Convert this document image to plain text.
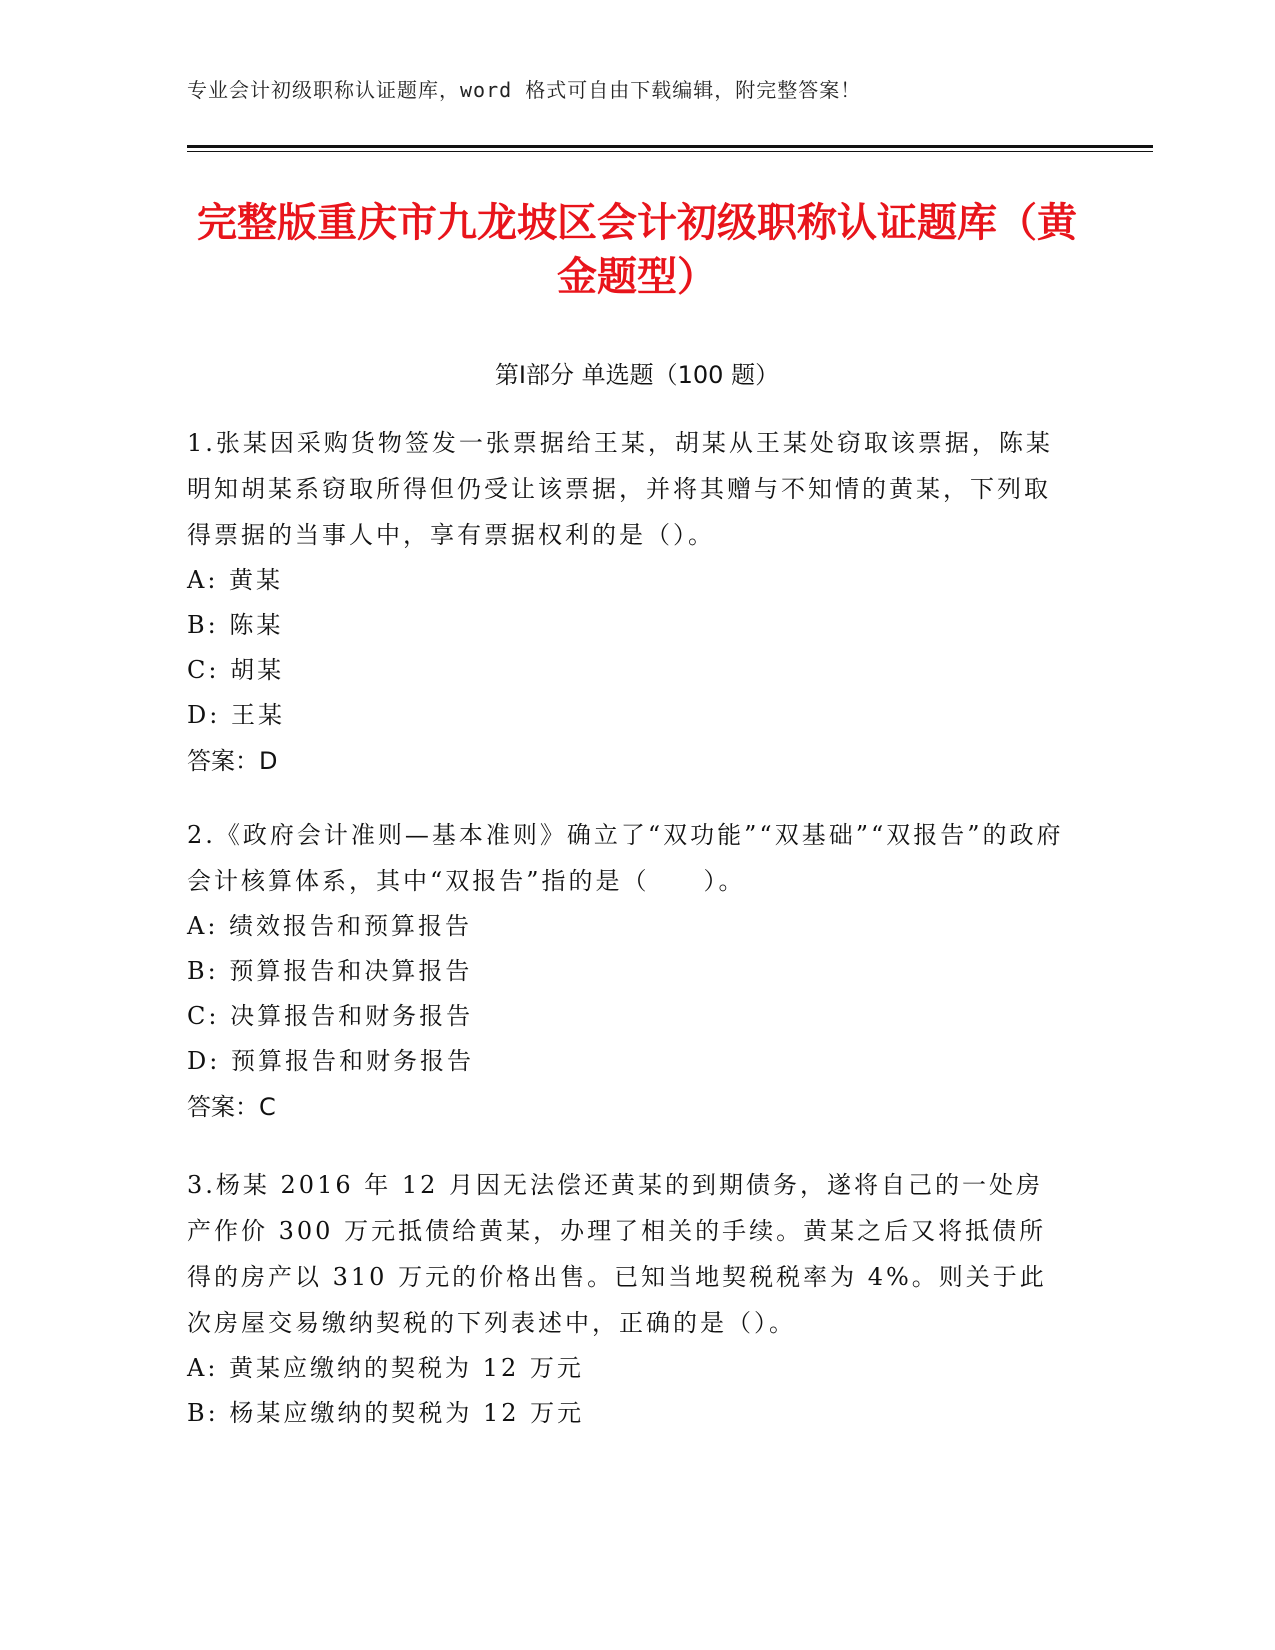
专业会计初级职称认证题库，word 格式可自由下载编辑，附完整答案！
完整版重庆市九龙坡区会计初级职称认证题库（黄金题型）
第Ⅰ部分 单选题（100 题）

1.张某因采购货物签发一张票据给王某，胡某从王某处窃取该票据，陈某明知胡某系窃取所得但仍受让该票据，并将其赠与不知情的黄某，下列取得票据的当事人中，享有票据权利的是（）。

A: 黄某

B: 陈某

C: 胡某

D: 王某

答案：D

2.《政府会计准则—基本准则》确立了“双功能”“双基础”“双报告”的政府会计核算体系，其中“双报告”指的是（　　）。

A: 绩效报告和预算报告

B: 预算报告和决算报告

C: 决算报告和财务报告

D: 预算报告和财务报告

答案：C

3.杨某 2016 年 12 月因无法偿还黄某的到期债务，遂将自己的一处房产作价 300 万元抵债给黄某，办理了相关的手续。黄某之后又将抵债所得的房产以 310 万元的价格出售。已知当地契税税率为 4%。则关于此次房屋交易缴纳契税的下列表述中，正确的是（）。

A: 黄某应缴纳的契税为 12 万元

B: 杨某应缴纳的契税为 12 万元
